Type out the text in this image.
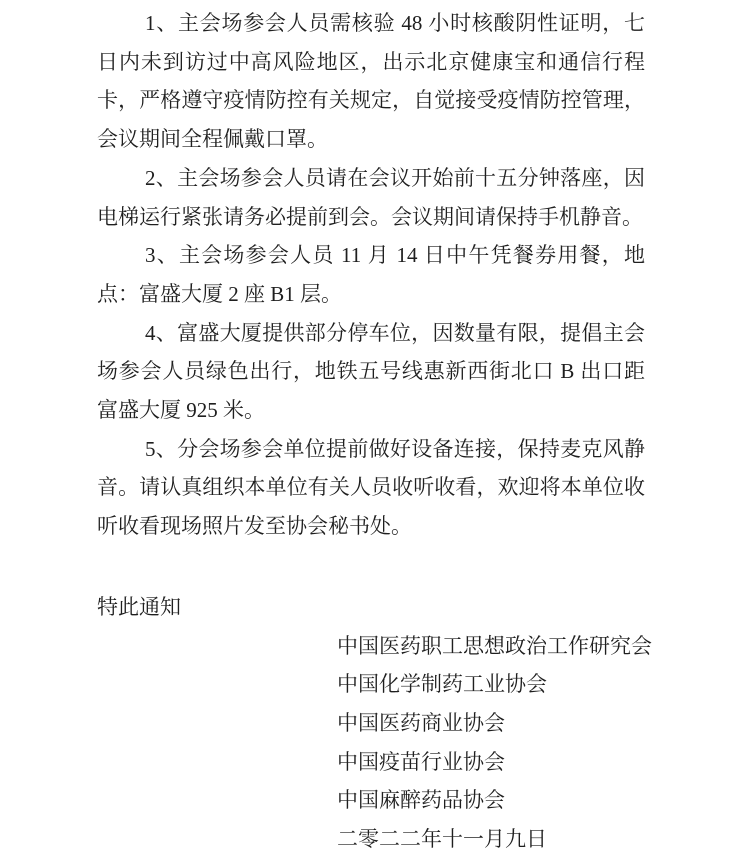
1、主会场参会人员需核验 48 小时核酸阴性证明，七日内未到访过中高风险地区，出示北京健康宝和通信行程卡，严格遵守疫情防控有关规定，自觉接受疫情防控管理，会议期间全程佩戴口罩。

2、主会场参会人员请在会议开始前十五分钟落座，因电梯运行紧张请务必提前到会。会议期间请保持手机静音。

3、主会场参会人员 11 月 14 日中午凭餐券用餐，地点：富盛大厦 2 座 B1 层。

4、富盛大厦提供部分停车位，因数量有限，提倡主会场参会人员绿色出行，地铁五号线惠新西街北口 B 出口距富盛大厦 925 米。

5、分会场参会单位提前做好设备连接，保持麦克风静音。请认真组织本单位有关人员收听收看，欢迎将本单位收听收看现场照片发至协会秘书处。

特此通知

中国医药职工思想政治工作研究会

中国化学制药工业协会

中国医药商业协会

中国疫苗行业协会

中国麻醉药品协会

二零二二年十一月九日
